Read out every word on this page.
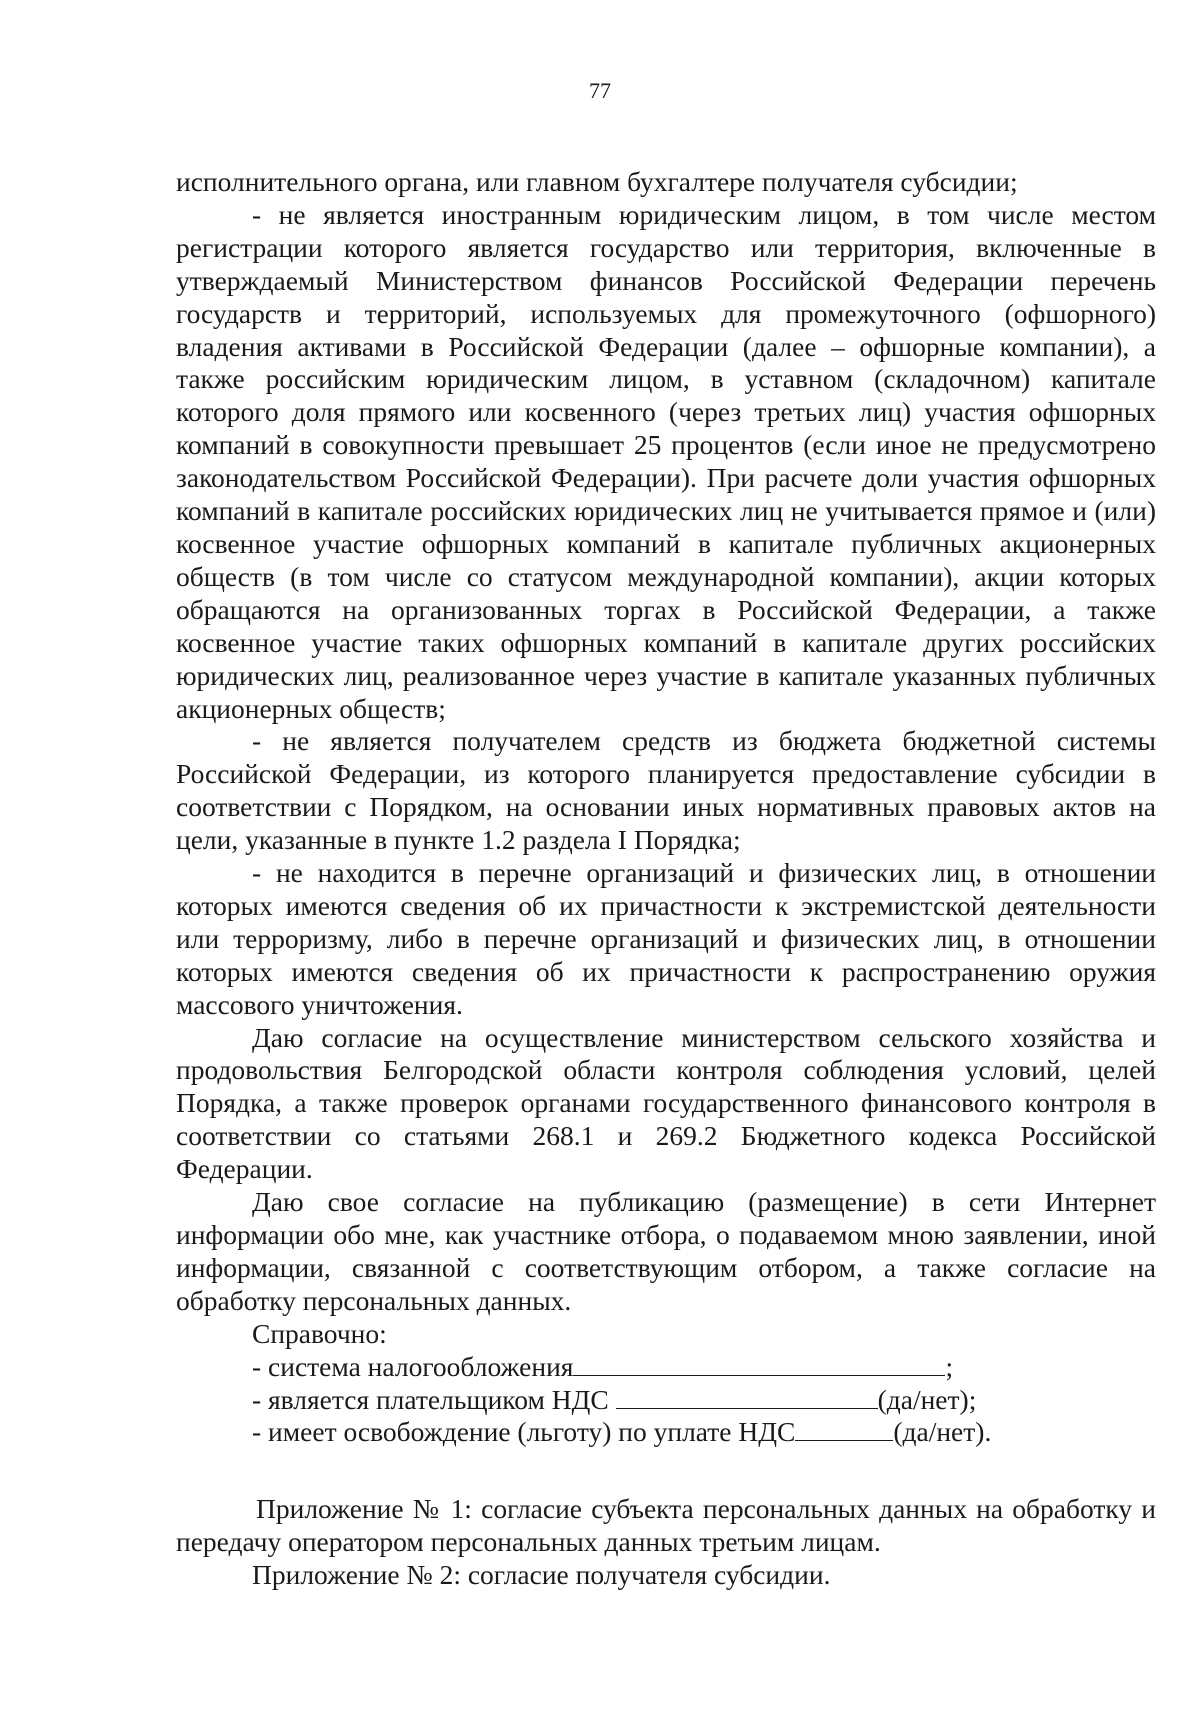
77

исполнительного органа, или главном бухгалтере получателя субсидии;

- не является иностранным юридическим лицом, в том числе местом регистрации которого является государство или территория, включенные в утверждаемый Министерством финансов Российской Федерации перечень государств и территорий, используемых для промежуточного (офшорного) владения активами в Российской Федерации (далее – офшорные компании), а также российским юридическим лицом, в уставном (складочном) капитале которого доля прямого или косвенного (через третьих лиц) участия офшорных компаний в совокупности превышает 25 процентов (если иное не предусмотрено законодательством Российской Федерации). При расчете доли участия офшорных компаний в капитале российских юридических лиц не учитывается прямое и (или) косвенное участие офшорных компаний в капитале публичных акционерных обществ (в том числе со статусом международной компании), акции которых обращаются на организованных торгах в Российской Федерации, а также косвенное участие таких офшорных компаний в капитале других российских юридических лиц, реализованное через участие в капитале указанных публичных акционерных обществ;

- не является получателем средств из бюджета бюджетной системы Российской Федерации, из которого планируется предоставление субсидии в соответствии с Порядком, на основании иных нормативных правовых актов на цели, указанные в пункте 1.2 раздела I Порядка;

- не находится в перечне организаций и физических лиц, в отношении которых имеются сведения об их причастности к экстремистской деятельности или терроризму, либо в перечне организаций и физических лиц, в отношении которых имеются сведения об их причастности к распространению оружия массового уничтожения.

Даю согласие на осуществление министерством сельского хозяйства и продовольствия Белгородской области контроля соблюдения условий, целей Порядка, а также проверок органами государственного финансового контроля в соответствии со статьями 268.1 и 269.2 Бюджетного кодекса Российской Федерации.

Даю свое согласие на публикацию (размещение) в сети Интернет информации обо мне, как участнике отбора, о подаваемом мною заявлении, иной информации, связанной с соответствующим отбором, а также согласие на обработку персональных данных.

Справочно:

- система налогообложения	;

- является плательщиком НДС	(да/нет);

- имеет освобождение (льготу) по уплате НДС	(да/нет).

Приложение № 1: согласие субъекта персональных данных на обработку и передачу оператором персональных данных третьим лицам.

Приложение № 2: согласие получателя субсидии.
